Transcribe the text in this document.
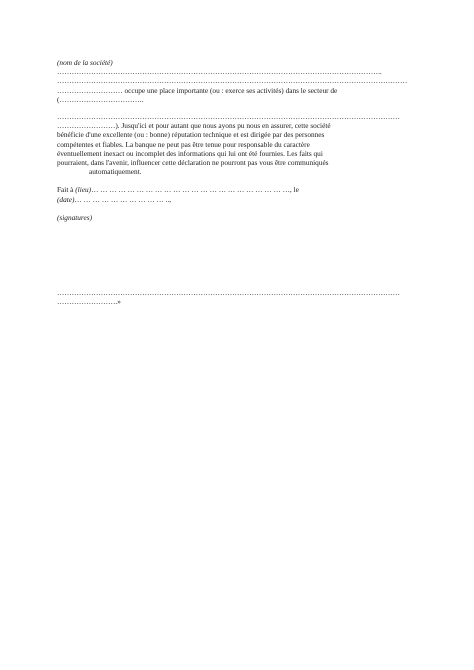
(nom de la société)
……………………………………………………………………………………………………………………..
………………………………………………………………………………………………………………………………
……………………… occupe une place importante (ou : exerce ses activités) dans le secteur de
(……………………………..
……………………………………………………………………………………………………………………………
……………………). Jusqu'ici et pour autant que nous ayons pu nous en assurer, cette société
bénéficie d'une excellente (ou : bonne) réputation technique et est dirigée par des personnes
compétentes et fiables. La banque ne peut pas être tenue pour responsable du caractère
éventuellement inexact ou incomplet des informations qui lui ont été fournies. Les faits qui
pourraient, dans l'avenir, influencer cette déclaration ne pourront pas vous être communiqués
automatiquement.
Fait à (lieu)… … … … … … … … … … … … … … … … … … … … … …, le
(date)… … … … … … … … … … ..,
(signatures)
……………………………………………………………………………………………………………………………
…………………….»
